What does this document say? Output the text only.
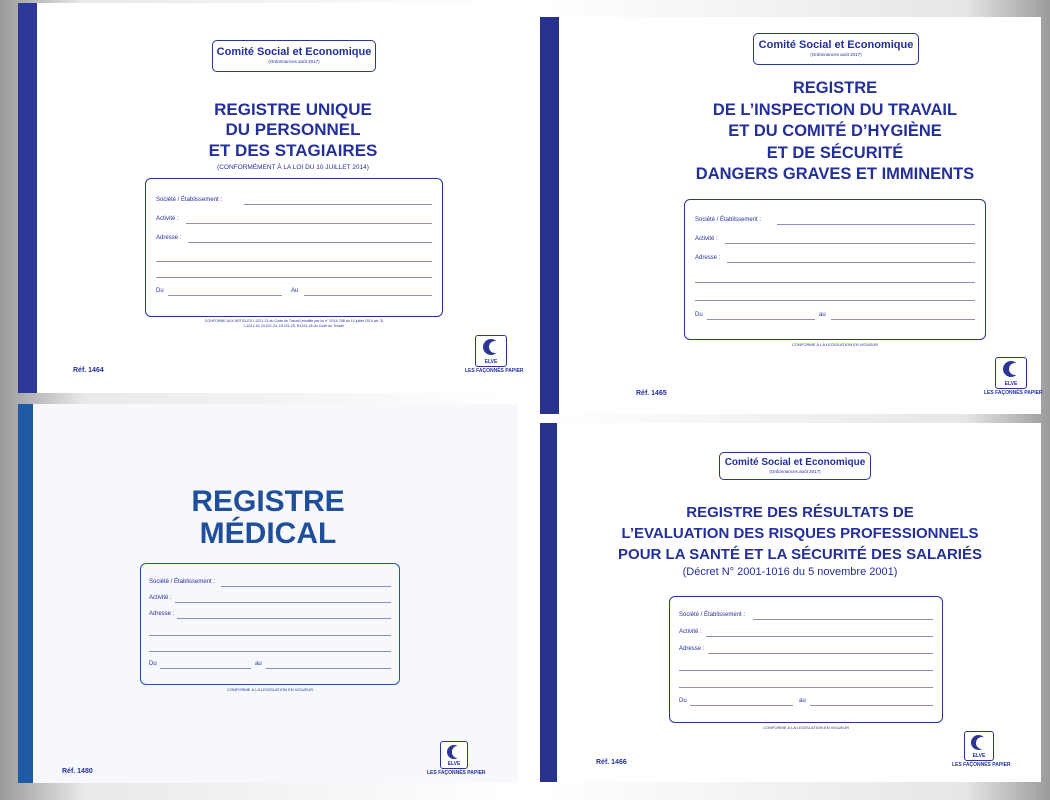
Comité Social et Economique
(Ordonnances août 2017)
REGISTRE UNIQUE
DU PERSONNEL
ET DES STAGIAIRES
(CONFORMÉMENT À LA LOI DU 10 JUILLET 2014)
Société / Établissement :
Activité :
Adresse :
Du	Au
CONFORME AUX ARTICLES L1221-13 du Code du Travail (modifié par loi n° 2014-788 du 10 juillet 2014 art. 3)
L1221-15, D1221-24, D1221-25, R1221-26 du Code du Travail
Réf. 1464
ELVE
LES FAÇONNÉS PAPIER
Comité Social et Economique
(Ordonnances août 2017)
REGISTRE
DE L’INSPECTION DU TRAVAIL
ET DU COMITÉ D’HYGIÈNE
ET DE SÉCURITÉ
DANGERS GRAVES ET IMMINENTS
Société / Établissement :
Activité :
Adresse :
Du	au
CONFORME À LA LEGISLATION EN VIGUEUR
Réf. 1465
ELVE
LES FAÇONNÉS PAPIER
REGISTRE
MÉDICAL
Société / Établissement :
Activité :
Adresse :
Du	au
CONFORME À LA LEGISLATION EN VIGUEUR
Réf. 1480
ELVE
LES FAÇONNÉS PAPIER
Comité Social et Economique
(Ordonnances août 2017)
REGISTRE DES RÉSULTATS DE
L’EVALUATION DES RISQUES PROFESSIONNELS
POUR LA SANTÉ ET LA SÉCURITÉ DES SALARIÉS
(Décret N° 2001-1016 du 5 novembre 2001)
Société / Établissement :
Activité :
Adresse :
Du	au
CONFORME À LA LEGISLATION EN VIGUEUR
Réf. 1466
ELVE
LES FAÇONNÉS PAPIER
